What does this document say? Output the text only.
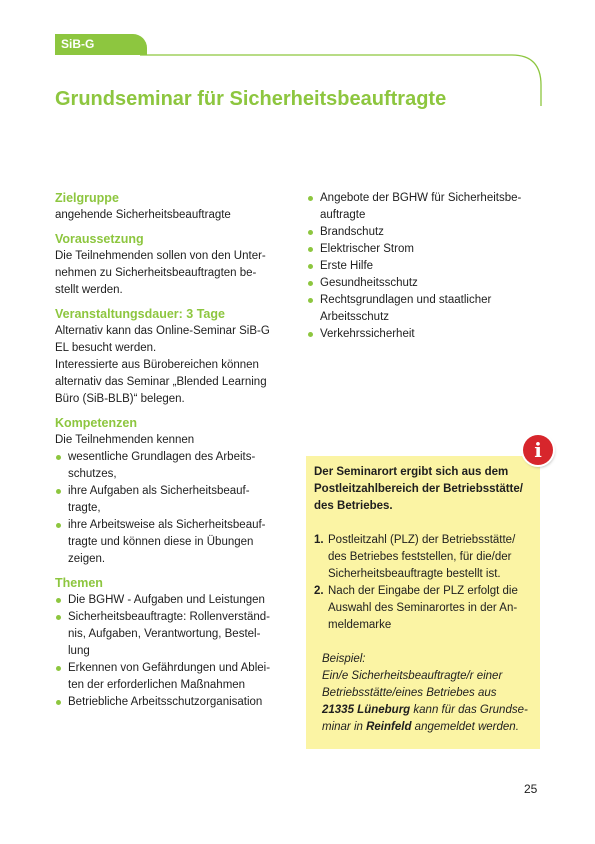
SiB-G
Grundseminar für Sicherheitsbeauftragte
Zielgruppe

angehende Sicherheitsbeauftragte

Voraussetzung

Die Teilnehmenden sollen von den Unter-
nehmen zu Sicherheitsbeauftragten be-
stellt werden.

Veranstaltungsdauer: 3 Tage

Alternativ kann das Online-Seminar SiB-G
EL besucht werden.
Interessierte aus Bürobereichen können
alternativ das Seminar „Blended Learning
Büro (SiB-BLB)“ belegen.

Kompetenzen

Die Teilnehmenden kennen

wesentliche Grundlagen des Arbeits-
schutzes,
ihre Aufgaben als Sicherheitsbeauf-
tragte,
ihre Arbeitsweise als Sicherheitsbeauf-
tragte und können diese in Übungen
zeigen.
Themen
Die BGHW - Aufgaben und Leistungen
Sicherheitsbeauftragte: Rollenverständ-
nis, Aufgaben, Verantwortung, Bestel-
lung
Erkennen von Gefährdungen und Ablei-
ten der erforderlichen Maßnahmen
Betriebliche Arbeitsschutzorganisation
Angebote der BGHW für Sicherheitsbe-
auftragte
Brandschutz
Elektrischer Strom
Erste Hilfe
Gesundheitsschutz
Rechtsgrundlagen und staatlicher
Arbeitsschutz
Verkehrssicherheit

Der Seminarort ergibt sich aus dem
Postleitzahlbereich der Betriebsstätte/
des Betriebes.

1. Postleitzahl (PLZ) der Betriebsstätte/
des Betriebes feststellen, für die/der
Sicherheitsbeauftragte bestellt ist.
2. Nach der Eingabe der PLZ erfolgt die
Auswahl des Seminarortes in der An-
meldemarke

Beispiel:
Ein/e Sicherheitsbeauftragte/r einer
Betriebsstätte/eines Betriebes aus
21335 Lüneburg kann für das Grundse-
minar in Reinfeld angemeldet werden.

i
25
